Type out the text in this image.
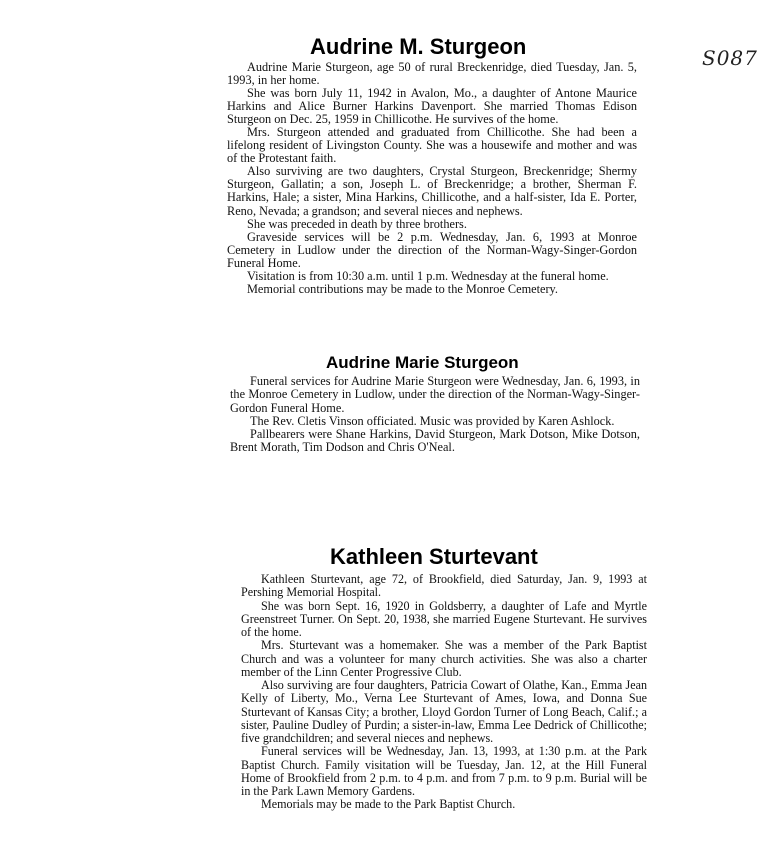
S087
Audrine M. Sturgeon

Audrine Marie Sturgeon, age 50 of rural Breckenridge, died Tuesday, Jan. 5, 1993, in her home.

She was born July 11, 1942 in Avalon, Mo., a daughter of Antone Maurice Harkins and Alice Burner Harkins Davenport. She married Thomas Edison Sturgeon on Dec. 25, 1959 in Chillicothe. He survives of the home.

Mrs. Sturgeon attended and graduated from Chillicothe. She had been a lifelong resident of Livingston County. She was a housewife and mother and was of the Protestant faith.

Also surviving are two daughters, Crystal Sturgeon, Breckenridge; Shermy Sturgeon, Gallatin; a son, Joseph L. of Breckenridge; a brother, Sherman F. Harkins, Hale; a sister, Mina Harkins, Chillicothe, and a half-sister, Ida E. Porter, Reno, Nevada; a grandson; and several nieces and nephews.

She was preceded in death by three brothers.

Graveside services will be 2 p.m. Wednesday, Jan. 6, 1993 at Monroe Cemetery in Ludlow under the direction of the Norman-Wagy-Singer-Gordon Funeral Home.

Visitation is from 10:30 a.m. until 1 p.m. Wednesday at the funeral home.

Memorial contributions may be made to the Monroe Cemetery.

Audrine Marie Sturgeon

Funeral services for Audrine Marie Sturgeon were Wednesday, Jan. 6, 1993, in the Monroe Cemetery in Ludlow, under the direction of the Norman-Wagy-Singer-Gordon Funeral Home.

The Rev. Cletis Vinson officiated. Music was provided by Karen Ashlock.

Pallbearers were Shane Harkins, David Sturgeon, Mark Dotson, Mike Dotson, Brent Morath, Tim Dodson and Chris O'Neal.

Kathleen Sturtevant

Kathleen Sturtevant, age 72, of Brookfield, died Saturday, Jan. 9, 1993 at Pershing Memorial Hospital.

She was born Sept. 16, 1920 in Goldsberry, a daughter of Lafe and Myrtle Greenstreet Turner. On Sept. 20, 1938, she married Eugene Sturtevant. He survives of the home.

Mrs. Sturtevant was a homemaker. She was a member of the Park Baptist Church and was a volunteer for many church activities. She was also a charter member of the Linn Center Progressive Club.

Also surviving are four daughters, Patricia Cowart of Olathe, Kan., Emma Jean Kelly of Liberty, Mo., Verna Lee Sturtevant of Ames, Iowa, and Donna Sue Sturtevant of Kansas City; a brother, Lloyd Gordon Turner of Long Beach, Calif.; a sister, Pauline Dudley of Purdin; a sister-in-law, Emma Lee Dedrick of Chillicothe; five grandchildren; and several nieces and nephews.

Funeral services will be Wednesday, Jan. 13, 1993, at 1:30 p.m. at the Park Baptist Church. Family visitation will be Tuesday, Jan. 12, at the Hill Funeral Home of Brookfield from 2 p.m. to 4 p.m. and from 7 p.m. to 9 p.m. Burial will be in the Park Lawn Memory Gardens.

Memorials may be made to the Park Baptist Church.
